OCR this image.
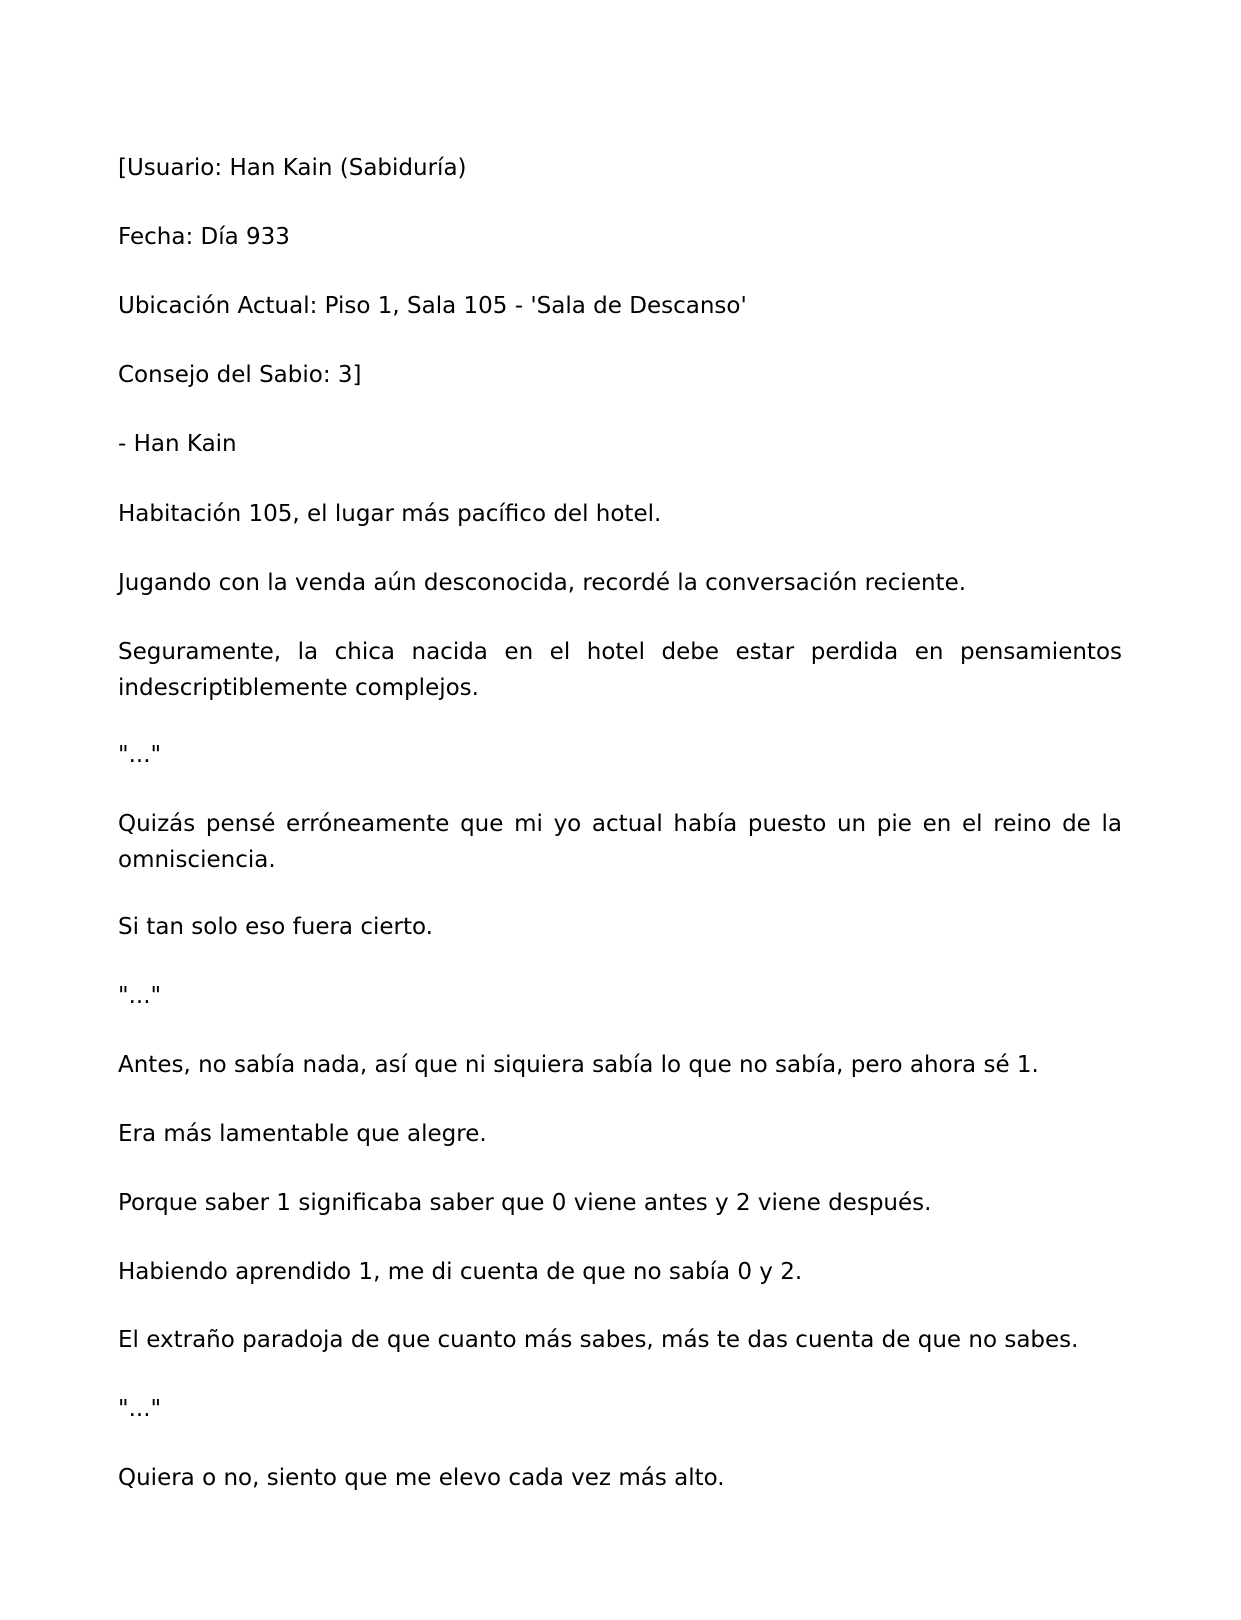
[Usuario: Han Kain (Sabiduría)

Fecha: Día 933

Ubicación Actual: Piso 1, Sala 105 - 'Sala de Descanso'

Consejo del Sabio: 3]

- Han Kain

Habitación 105, el lugar más pacífico del hotel.

Jugando con la venda aún desconocida, recordé la conversación reciente.

Seguramente, la chica nacida en el hotel debe estar perdida en pensamientos indescriptiblemente complejos.

"..."

Quizás pensé erróneamente que mi yo actual había puesto un pie en el reino de la omnisciencia.

Si tan solo eso fuera cierto.

"..."

Antes, no sabía nada, así que ni siquiera sabía lo que no sabía, pero ahora sé 1.

Era más lamentable que alegre.

Porque saber 1 significaba saber que 0 viene antes y 2 viene después.

Habiendo aprendido 1, me di cuenta de que no sabía 0 y 2.

El extraño paradoja de que cuanto más sabes, más te das cuenta de que no sabes.

"..."

Quiera o no, siento que me elevo cada vez más alto.
